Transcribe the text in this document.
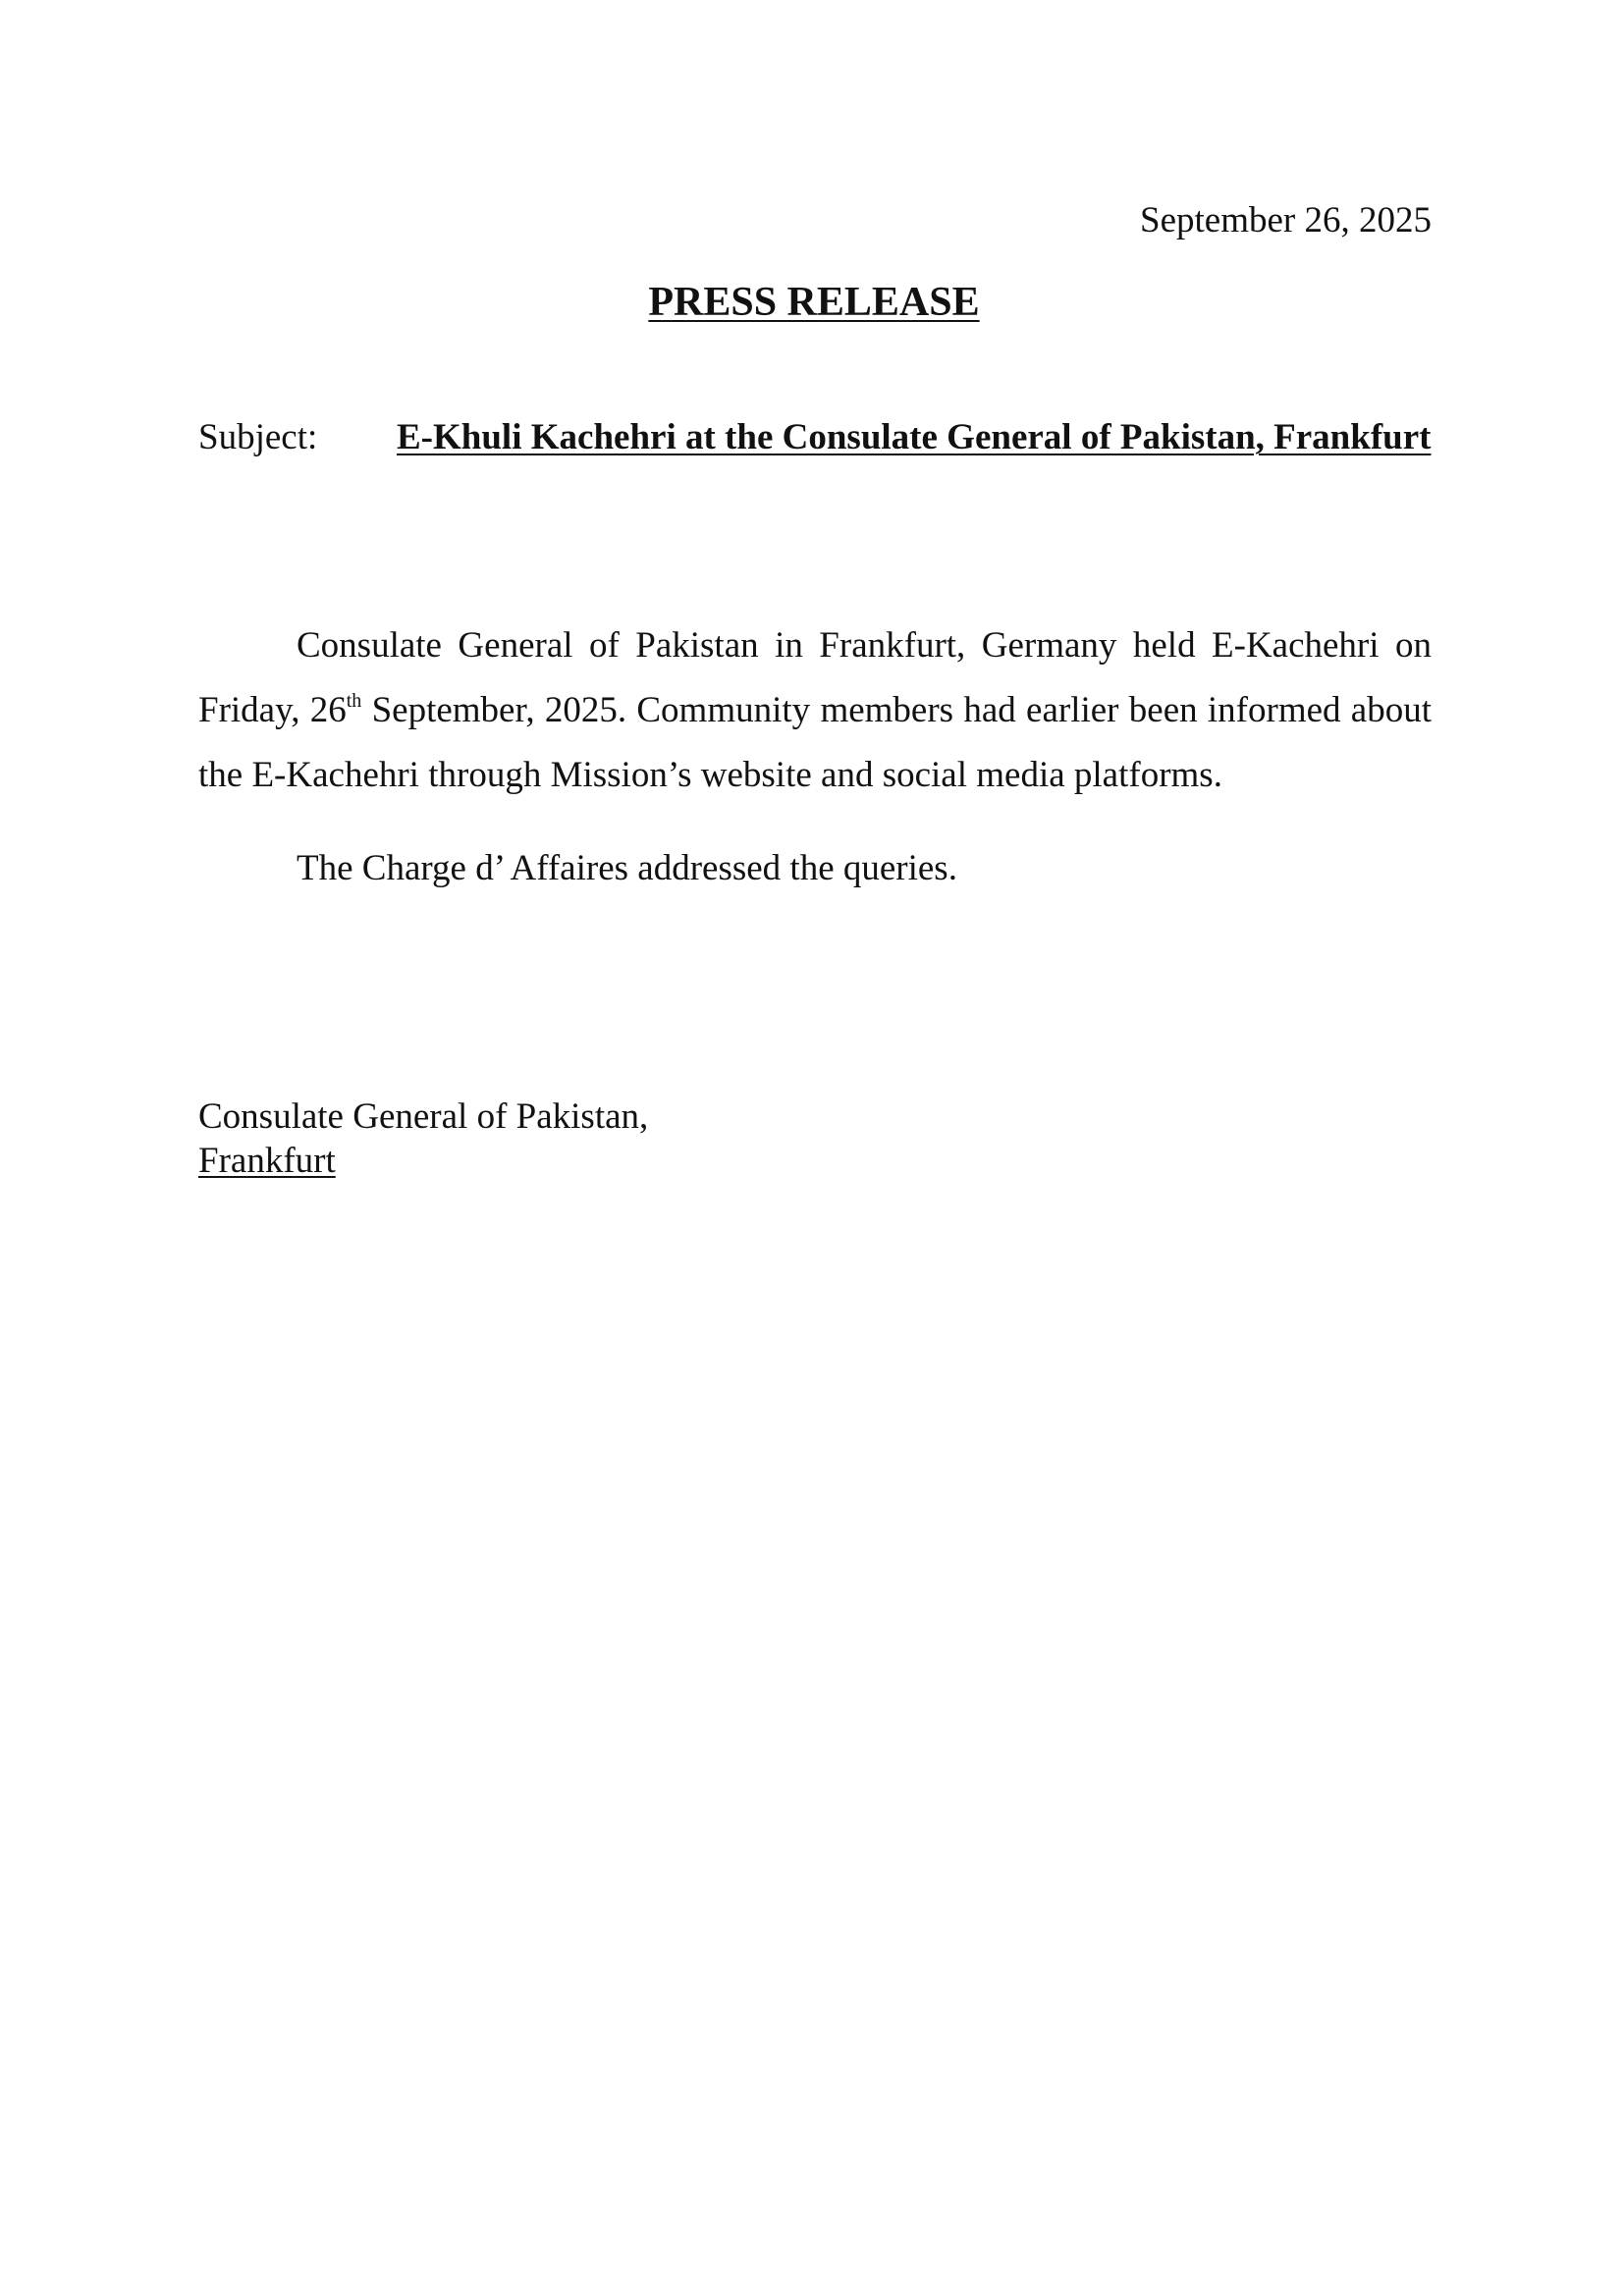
September 26, 2025
PRESS RELEASE
Subject: E-Khuli Kachehri at the Consulate General of Pakistan, Frankfurt

Consulate General of Pakistan in Frankfurt, Germany held E-Kachehri on Friday, 26th September, 2025. Community members had earlier been informed about the E-Kachehri through Mission’s website and social media platforms.

The Charge d’ Affaires addressed the queries.
Consulate General of Pakistan,
Frankfurt
